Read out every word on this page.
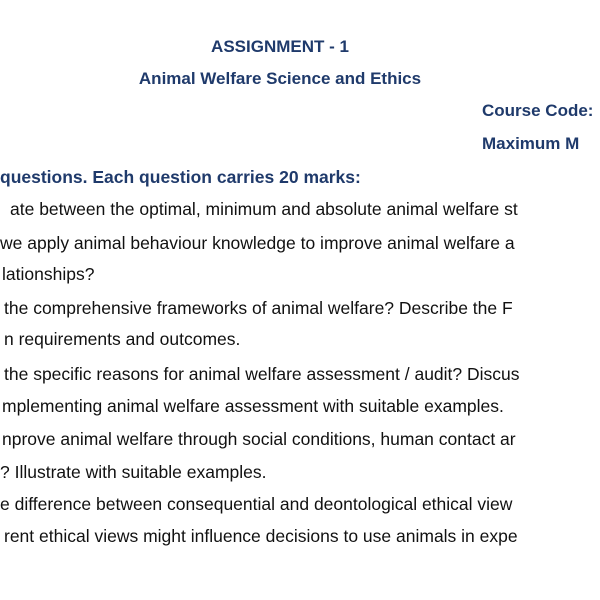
ASSIGNMENT - 1
Animal Welfare Science and Ethics
Course Code:
Maximum M
questions. Each question carries 20 marks:
ate between the optimal, minimum and absolute animal welfare st
we apply animal behaviour knowledge to improve animal welfare a
lationships?
the comprehensive frameworks of animal welfare? Describe the F
n requirements and outcomes.
the specific reasons for animal welfare assessment / audit? Discus
mplementing animal welfare assessment with suitable examples.
nprove animal welfare through social conditions, human contact ar
? Illustrate with suitable examples.
e difference between consequential and deontological ethical view
rent ethical views might influence decisions to use animals in expe
